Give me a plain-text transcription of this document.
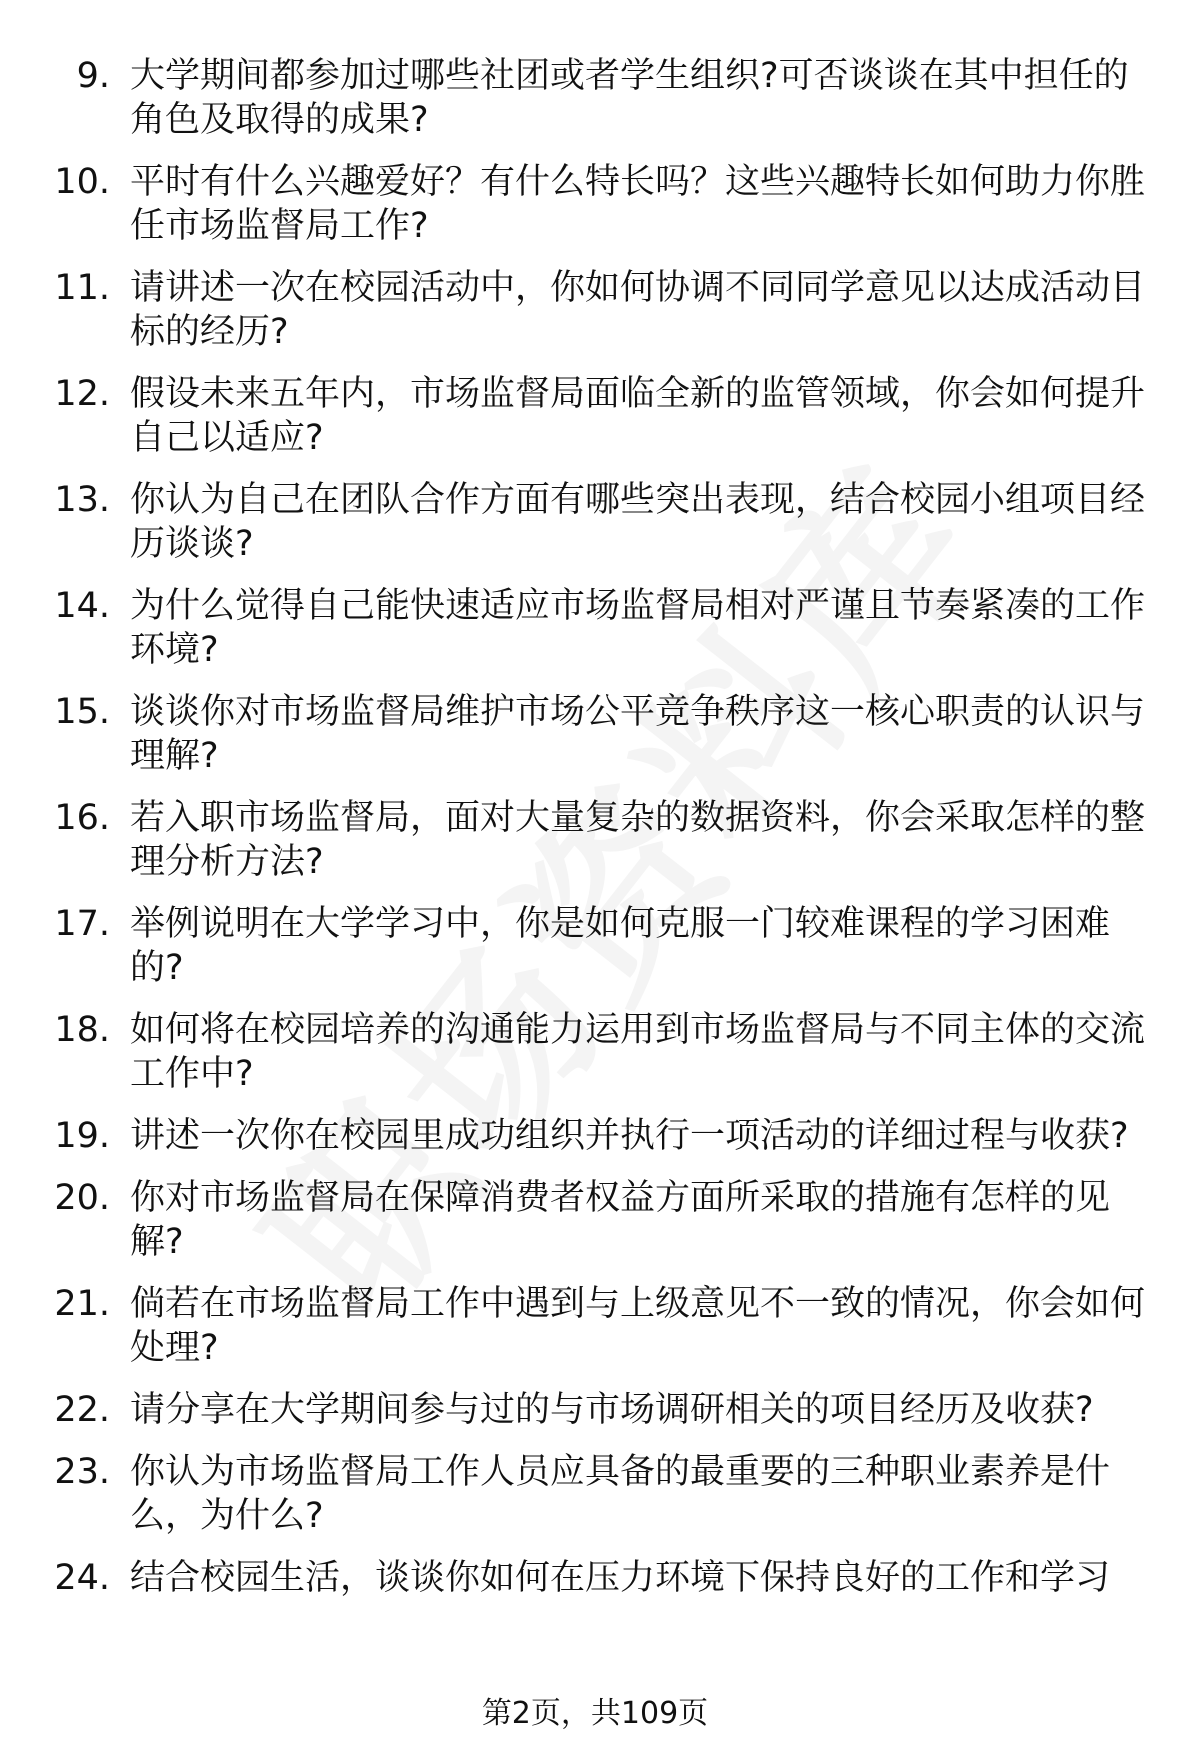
9. 大学期间都参加过哪些社团或者学生组织?可否谈谈在其中担任的角色及取得的成果?
10. 平时有什么兴趣爱好？有什么特长吗？这些兴趣特长如何助力你胜任市场监督局工作?
11. 请讲述一次在校园活动中，你如何协调不同同学意见以达成活动目标的经历?
12. 假设未来五年内，市场监督局面临全新的监管领域，你会如何提升自己以适应?
13. 你认为自己在团队合作方面有哪些突出表现，结合校园小组项目经历谈谈?
14. 为什么觉得自己能快速适应市场监督局相对严谨且节奏紧凑的工作环境?
15. 谈谈你对市场监督局维护市场公平竞争秩序这一核心职责的认识与理解?
16. 若入职市场监督局，面对大量复杂的数据资料，你会采取怎样的整理分析方法?
17. 举例说明在大学学习中，你是如何克服一门较难课程的学习困难的?
18. 如何将在校园培养的沟通能力运用到市场监督局与不同主体的交流工作中?
19. 讲述一次你在校园里成功组织并执行一项活动的详细过程与收获?
20. 你对市场监督局在保障消费者权益方面所采取的措施有怎样的见解?
21. 倘若在市场监督局工作中遇到与上级意见不一致的情况，你会如何处理?
22. 请分享在大学期间参与过的与市场调研相关的项目经历及收获?
23. 你认为市场监督局工作人员应具备的最重要的三种职业素养是什么，为什么?
24. 结合校园生活，谈谈你如何在压力环境下保持良好的工作和学习
第2页，共109页
